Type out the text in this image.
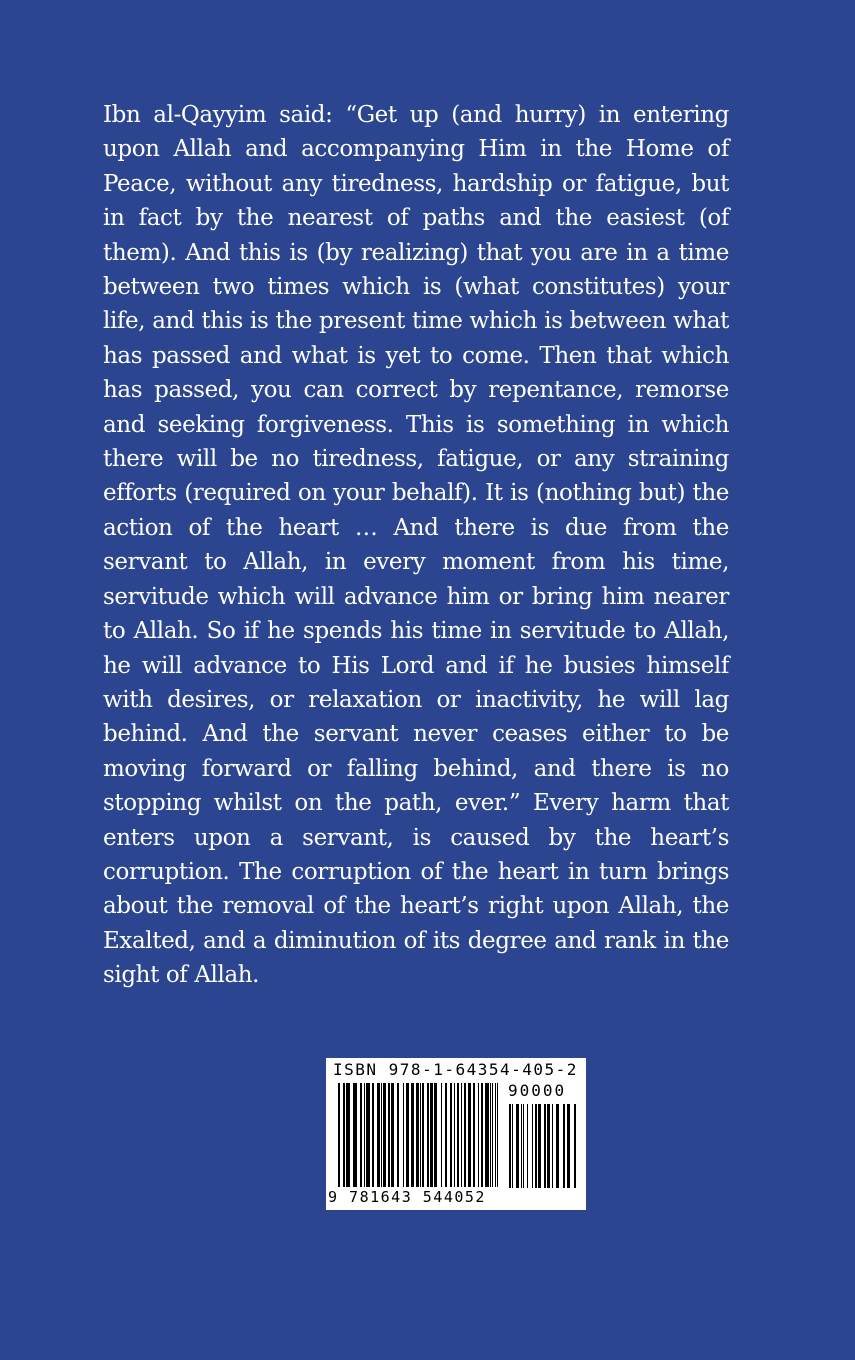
Ibn al-Qayyim said: “Get up (and hurry) in entering upon Allah and accompanying Him in the Home of Peace, without any tiredness, hardship or fatigue, but in fact by the nearest of paths and the easiest (of them). And this is (by realizing) that you are in a time between two times which is (what constitutes) your life, and this is the present time which is between what has passed and what is yet to come. Then that which has passed, you can correct by repentance, remorse and seeking forgiveness. This is something in which there will be no tiredness, fatigue, or any straining efforts (required on your behalf). It is (nothing but) the action of the heart … And there is due from the servant to Allah, in every moment from his time, servitude which will advance him or bring him nearer to Allah. So if he spends his time in servitude to Allah, he will advance to His Lord and if he busies himself with desires, or relaxation or inactivity, he will lag behind. And the servant never ceases either to be moving forward or falling behind, and there is no stopping whilst on the path, ever.” Every harm that enters upon a servant, is caused by the heart’s corruption. The corruption of the heart in turn brings about the removal of the heart’s right upon Allah, the Exalted, and a diminution of its degree and rank in the sight of Allah.

ISBN 978-1-64354-405-2
90000
9 781643 544052
